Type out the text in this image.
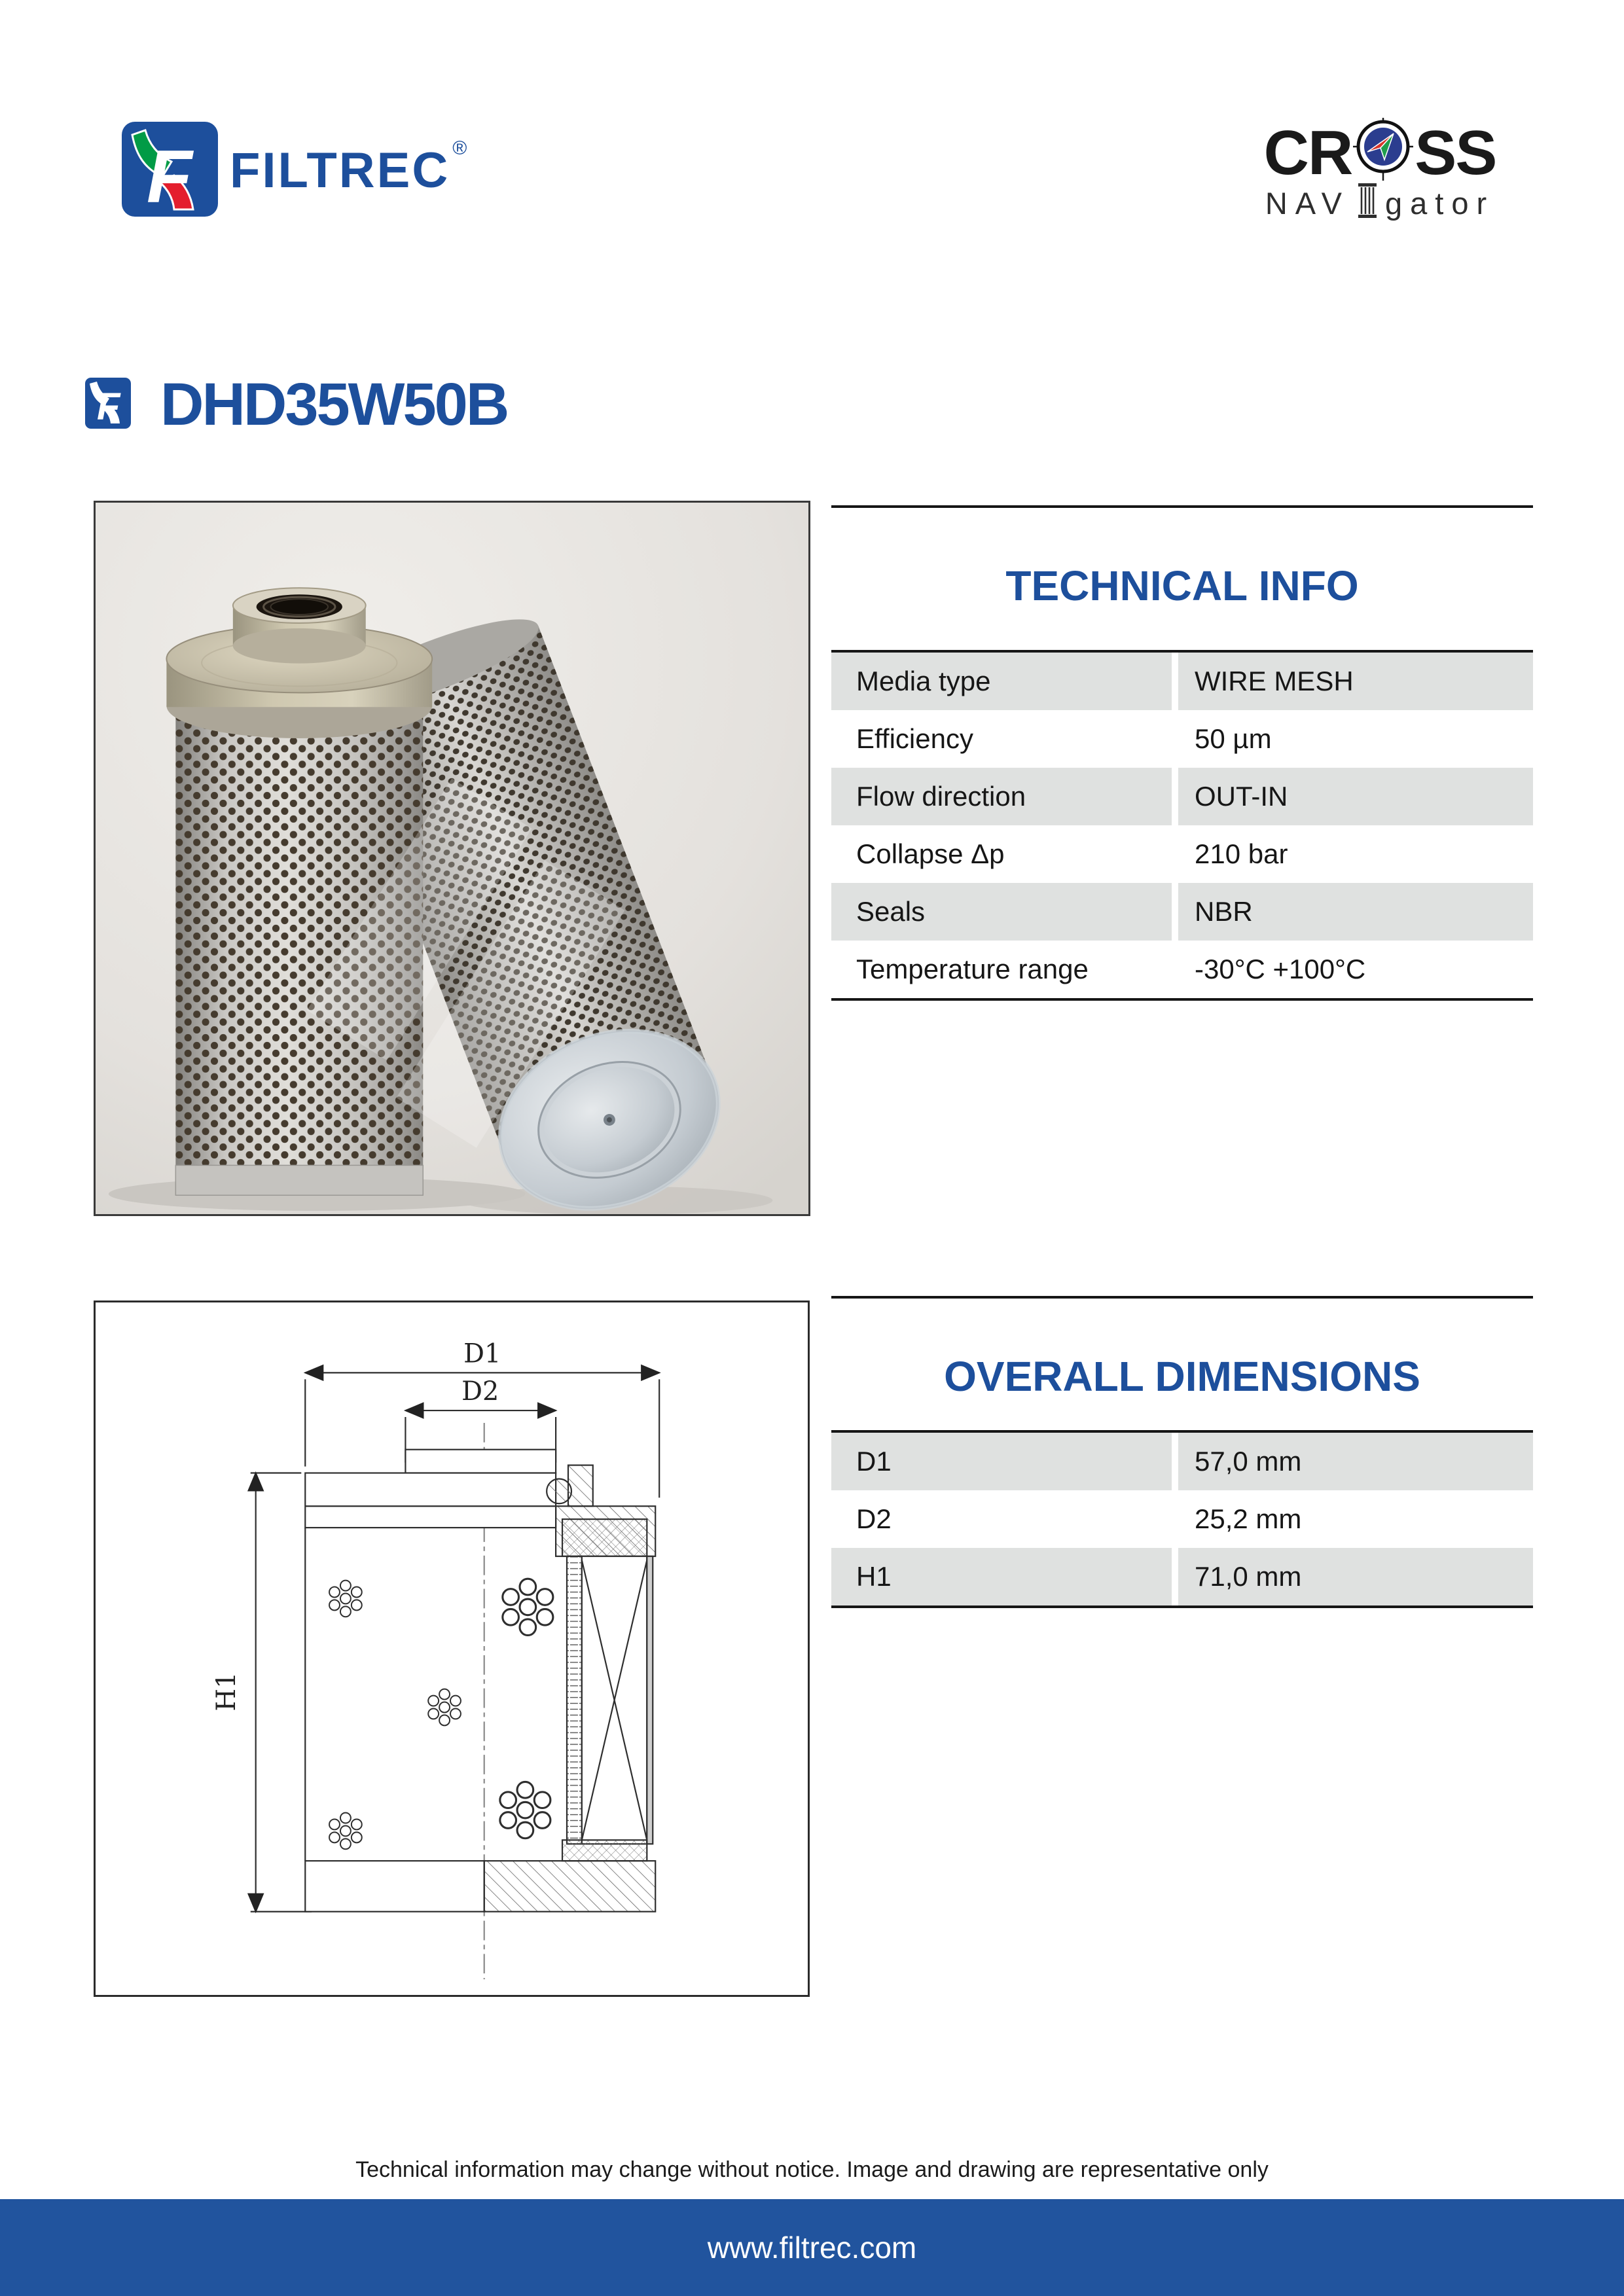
F FILTREC ®	CR SS
NAV gator
F DHD35W50B
TECHNICAL INFO
Media type	WIRE MESH
Efficiency	50 µm
Flow direction	OUT-IN
Collapse Δp	210 bar
Seals	NBR
Temperature range	-30°C +100°C
D1
D2
H1
OVERALL DIMENSIONS
D1	57,0 mm
D2	25,2 mm
H1	71,0 mm
Technical information may change without notice. Image and drawing are representative only
www.filtrec.com
